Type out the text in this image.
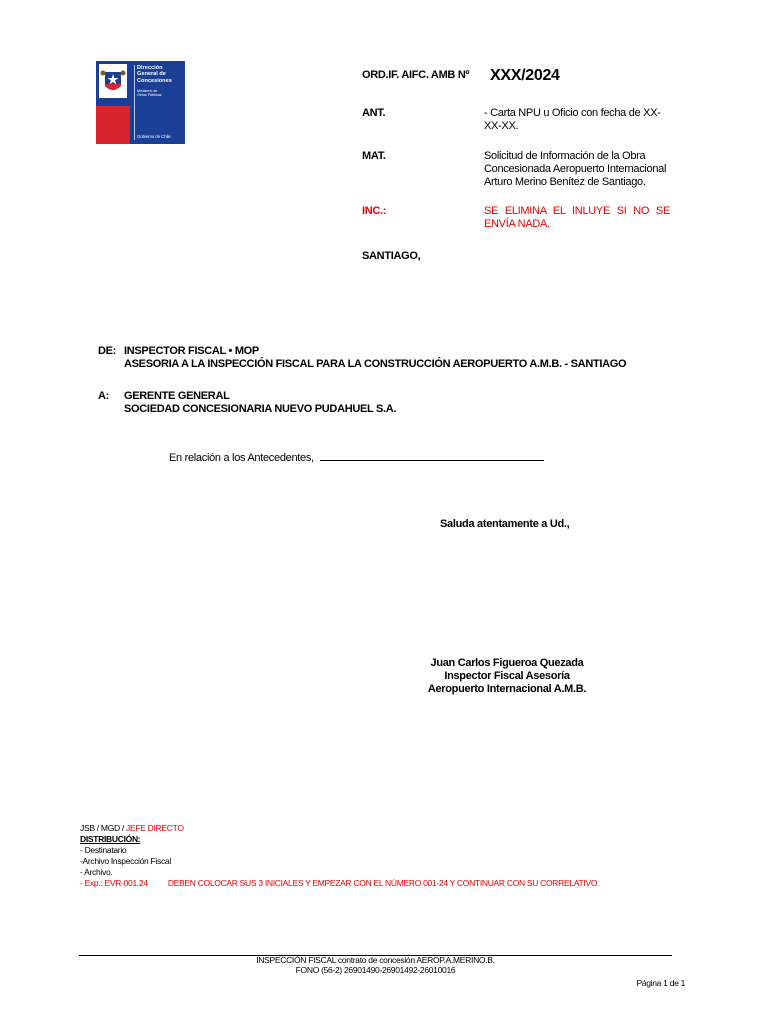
Dirección
General de
Concesiones
Ministerio de
Obras Públicas
Gobierno de Chile
ORD.IF. AIFC. AMB Nº XXX/2024
ANT.	- Carta NPU u Oficio con fecha de XX-
XX-XX.
MAT.	Solicitud de Información de la Obra
Concesionada Aeropuerto Internacional
Arturo Merino Benítez de Santiago.
INC.:	SE ELIMINA EL INLUYE SI NO SE
ENVÍA NADA.
SANTIAGO,
DE: INSPECTOR FISCAL • MOP
ASESORIA A LA INSPECCIÓN FISCAL PARA LA CONSTRUCCIÓN AEROPUERTO A.M.B. - SANTIAGO
A: GERENTE GENERAL
SOCIEDAD CONCESIONARIA NUEVO PUDAHUEL S.A.
En relación a los Antecedentes,
Saluda atentamente a Ud.,
Juan Carlos Figueroa Quezada
Inspector Fiscal Asesoría
Aeropuerto Internacional A.M.B.
JSB / MGD / JEFE DIRECTO
DISTRIBUCIÓN:
- Destinatario
-Archivo Inspección Fiscal
- Archivo.
- Exp.: EVR-001.24 DEBEN COLOCAR SUS 3 INICIALES Y EMPEZAR CON EL NÚMERO 001-24 Y CONTINUAR CON SU CORRELATIVO.
INSPECCIÓN FISCAL contrato de concesión AEROP.A.MERINO.B.
FONO (56-2) 26901490-26901492-26010016
Página 1 de 1
